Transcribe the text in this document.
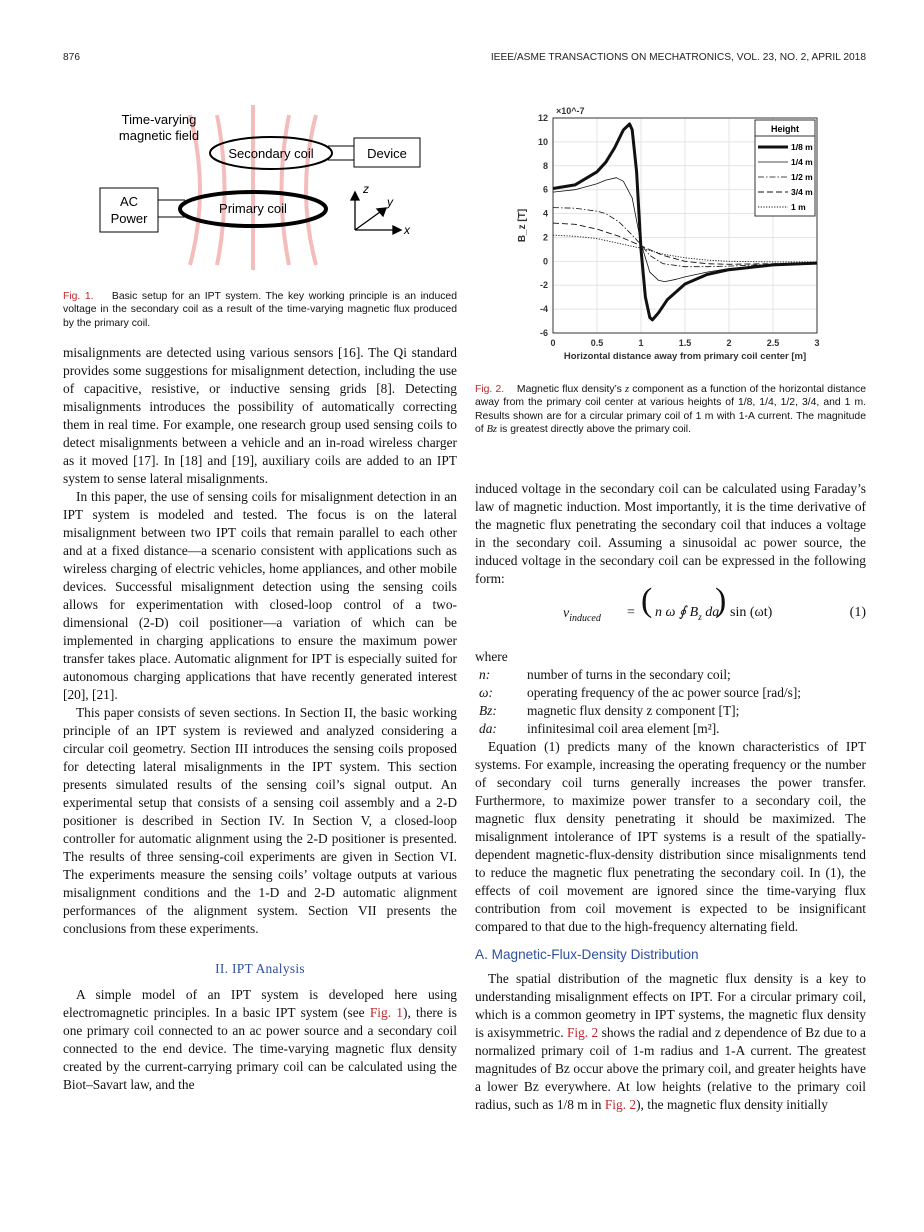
876	IEEE/ASME TRANSACTIONS ON MECHATRONICS, VOL. 23, NO. 2, APRIL 2018
Time-varying
magnetic field
Secondary coil	Device
AC
Power
Primary coil
z
y
x
Fig. 1. Basic setup for an IPT system. The key working principle is an induced voltage in the secondary coil as a result of the time-varying magnetic flux produced by the primary coil.
0	0.5	1	1.5	2	2.5	3
-6
-4
-2
0
2
4
6
8
10
12
Height
1/8 m
1/4 m
1/2 m
3/4 m
1 m
Horizontal distance away from primary coil center [m]
B_z [T]
×10^-7
Fig. 2. Magnetic flux density’s z component as a function of the horizontal distance away from the primary coil center at various heights of 1/8, 1/4, 1/2, 3/4, and 1 m. Results shown are for a circular primary coil of 1 m with 1-A current. The magnitude of Bz is greatest directly above the primary coil.

misalignments are detected using various sensors [16]. The Qi standard provides some suggestions for misalignment detection, including the use of capacitive, resistive, or inductive sensing grids [8]. Detecting misalignments introduces the possibility of automatically correcting them in real time. For example, one research group used sensing coils to detect misalignments between a vehicle and an in-road wireless charger as it moved [17]. In [18] and [19], auxiliary coils are added to an IPT system to sense lateral misalignments.

In this paper, the use of sensing coils for misalignment detection in an IPT system is modeled and tested. The focus is on the lateral misalignment between two IPT coils that remain parallel to each other and at a fixed distance—a scenario consistent with applications such as wireless charging of electric vehicles, home appliances, and other mobile devices. Successful misalignment detection using the sensing coils allows for experimentation with closed-loop control of a two-dimensional (2-D) coil positioner—a variation of which can be implemented in charging applications to ensure the maximum power transfer takes place. Automatic alignment for IPT is especially suited for autonomous charging applications that have recently generated interest [20], [21].

This paper consists of seven sections. In Section II, the basic working principle of an IPT system is reviewed and analyzed considering a circular coil geometry. Section III introduces the sensing coils proposed for detecting lateral misalignments in the IPT system. This section presents simulated results of the sensing coil’s signal output. An experimental setup that consists of a sensing coil assembly and a 2-D positioner is described in Section IV. In Section V, a closed-loop controller for automatic alignment using the 2-D positioner is presented. The results of three sensing-coil experiments are given in Section VI. The experiments measure the sensing coils’ voltage outputs at various misalignment conditions and the 1-D and 2-D automatic alignment performances of the alignment system. Section VII presents the conclusions from these experiments.

II. IPT Analysis

A simple model of an IPT system is developed here using electromagnetic principles. In a basic IPT system (see Fig. 1), there is one primary coil connected to an ac power source and a secondary coil connected to the end device. The time-varying magnetic flux density created by the current-carrying primary coil can be calculated using the Biot–Savart law, and the

induced voltage in the secondary coil can be calculated using Faraday’s law of magnetic induction. Most importantly, it is the time derivative of the magnetic flux penetrating the secondary coil that induces a voltage in the secondary coil. Assuming a sinusoidal ac power source, the induced voltage in the secondary coil can be expressed in the following form:

$v_{induced}$ = ( n ω ∮ $B_z$ da
) sin (ωt)	(1)

where

n:	number of turns in the secondary coil;
ω:	operating frequency of the ac power source [rad/s];
Bz:	magnetic flux density z component [T];
da:	infinitesimal coil area element [m²].

Equation (1) predicts many of the known characteristics of IPT systems. For example, increasing the operating frequency or the number of secondary coil turns generally increases the power transfer. Furthermore, to maximize power transfer to a secondary coil, the magnetic flux density penetrating it should be maximized. The misalignment intolerance of IPT systems is a result of the spatially-dependent magnetic-flux-density distribution since misalignments tend to reduce the magnetic flux penetrating the secondary coil. In (1), the effects of coil movement are ignored since the time-varying flux contribution from coil movement is expected to be insignificant compared to that due to the high-frequency alternating field.

A. Magnetic-Flux-Density Distribution

The spatial distribution of the magnetic flux density is a key to understanding misalignment effects on IPT. For a circular primary coil, which is a common geometry in IPT systems, the magnetic flux density is axisymmetric. Fig. 2 shows the radial and z dependence of Bz due to a normalized primary coil of 1-m radius and 1-A current. The greatest magnitudes of Bz occur above the primary coil, and greater heights have a lower Bz everywhere. At low heights (relative to the primary coil radius, such as 1/8 m in Fig. 2), the magnetic flux density initially
